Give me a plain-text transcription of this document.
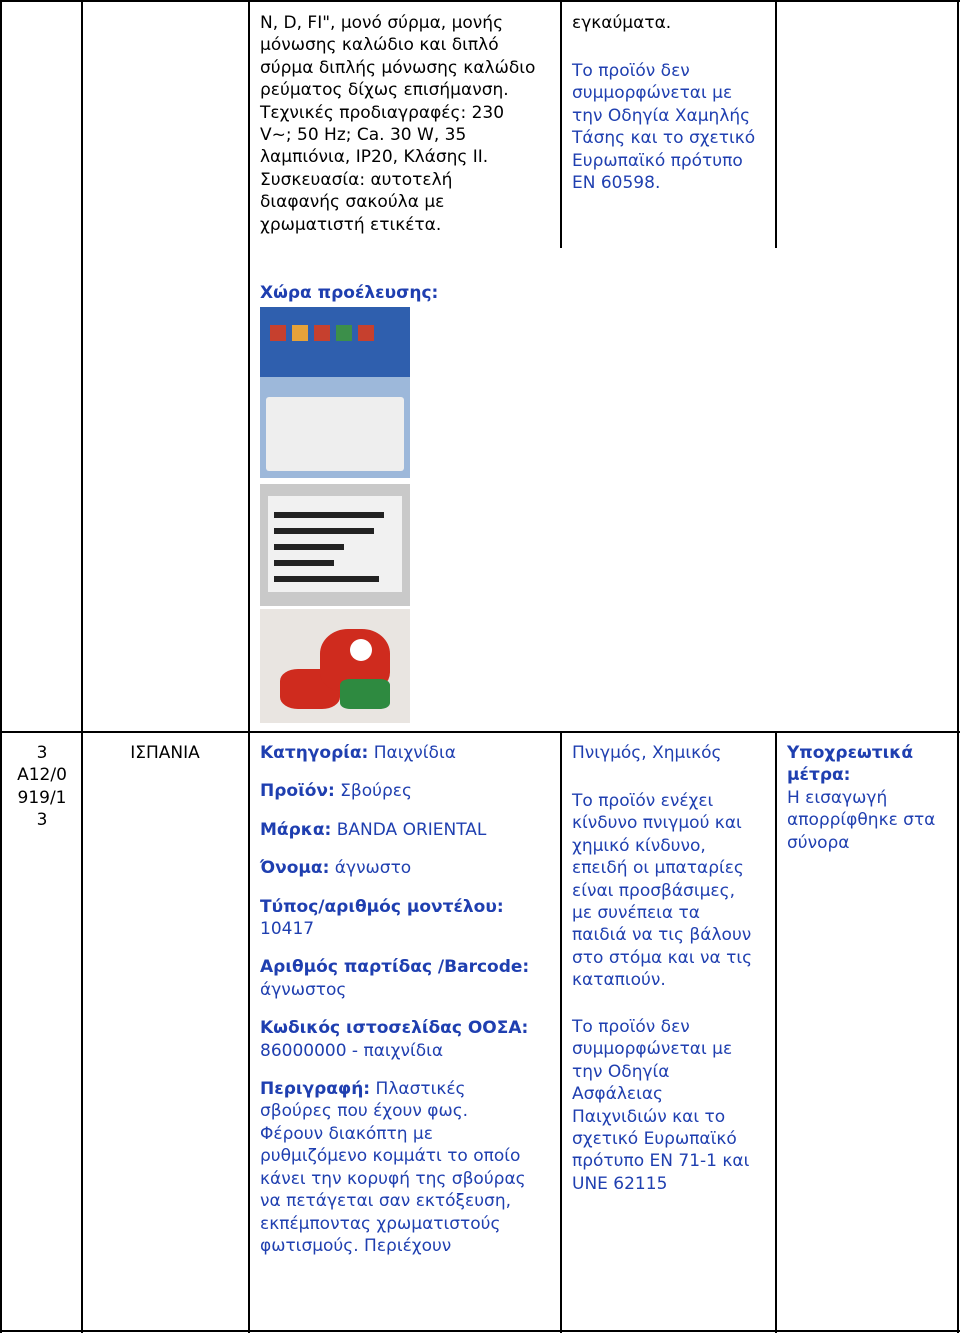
N, D, FI", μονό σύρμα, μονής
μόνωσης καλώδιο και διπλό
σύρμα διπλής μόνωσης καλώδιο
ρεύματος δίχως επισήμανση.
Τεχνικές προδιαγραφές: 230
V~; 50 Hz; Ca. 30 W, 35
λαμπιόνια, IP20, Κλάσης II.
Συσκευασία: αυτοτελή
διαφανής σακούλα με
χρωματιστή ετικέτα.
εγκαύματα.
Το προϊόν δεν
συμμορφώνεται με
την Οδηγία Χαμηλής
Τάσης και το σχετικό
Ευρωπαϊκό πρότυπο
EN 60598.

Χώρα προέλευσης:

3
A12/0
919/1
3
ΙΣΠΑΝΙΑ	Κατηγορία: Παιχνίδια
Προϊόν: Σβούρες
Μάρκα: BANDA ORIENTAL
Όνομα: άγνωστο
Τύπος/αριθμός μοντέλου:
10417
Αριθμός παρτίδας /Barcode:
άγνωστος
Κωδικός ιστοσελίδας ΟΟΣΑ:
86000000 - παιχνίδια
Περιγραφή: Πλαστικές
σβούρες που έχουν φως.
Φέρουν διακόπτη με
ρυθμιζόμενο κομμάτι το οποίο
κάνει την κορυφή της σβούρας
να πετάγεται σαν εκτόξευση,
εκπέμποντας χρωματιστούς
φωτισμούς. Περιέχουν
Πνιγμός, Χημικός
Το προϊόν ενέχει
κίνδυνο πνιγμού και
χημικό κίνδυνο,
επειδή οι μπαταρίες
είναι προσβάσιμες,
με συνέπεια τα
παιδιά να τις βάλουν
στο στόμα και να τις
καταπιούν.
Το προϊόν δεν
συμμορφώνεται με
την Οδηγία
Ασφάλειας
Παιχνιδιών και το
σχετικό Ευρωπαϊκό
πρότυπο EN 71-1 και
UNE 62115
Υποχρεωτικά
μέτρα:
Η εισαγωγή
απορρίφθηκε στα
σύνορα
